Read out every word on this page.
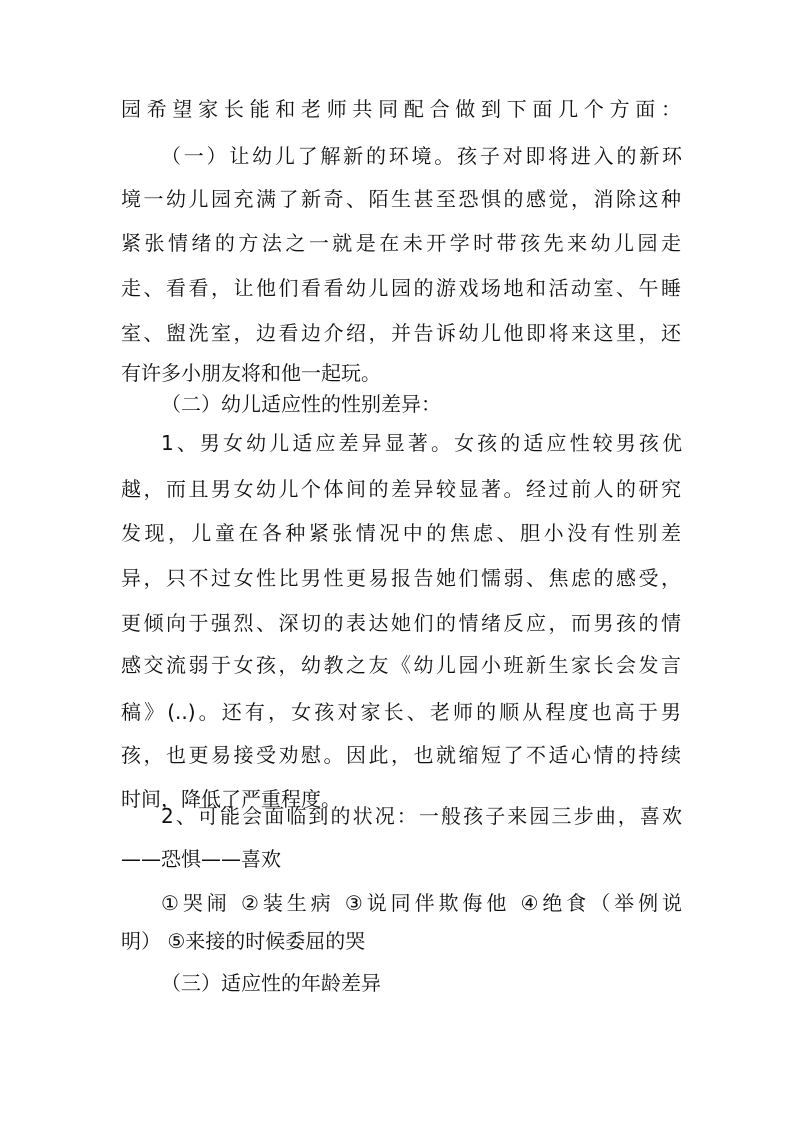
园希望家长能和老师共同配合做到下面几个方面：
（一）让幼儿了解新的环境。孩子对即将进入的新环
境一幼儿园充满了新奇、陌生甚至恐惧的感觉，消除这种
紧张情绪的方法之一就是在未开学时带孩先来幼儿园走
走、看看，让他们看看幼儿园的游戏场地和活动室、午睡
室、盥洗室，边看边介绍，并告诉幼儿他即将来这里，还
有许多小朋友将和他一起玩。
（二）幼儿适应性的性别差异：
1、男女幼儿适应差异显著。女孩的适应性较男孩优
越，而且男女幼儿个体间的差异较显著。经过前人的研究
发现，儿童在各种紧张情况中的焦虑、胆小没有性别差
异，只不过女性比男性更易报告她们懦弱、焦虑的感受，
更倾向于强烈、深切的表达她们的情绪反应，而男孩的情
感交流弱于女孩，幼教之友《幼儿园小班新生家长会发言
稿》(..)。还有，女孩对家长、老师的顺从程度也高于男
孩，也更易接受劝慰。因此，也就缩短了不适心情的持续
时间，降低了严重程度。
2、可能会面临到的状况：一般孩子来园三步曲，喜欢
——恐惧——喜欢
①哭闹 ②装生病 ③说同伴欺侮他 ④绝食（举例说
明） ⑤来接的时候委屈的哭
（三）适应性的年龄差异
